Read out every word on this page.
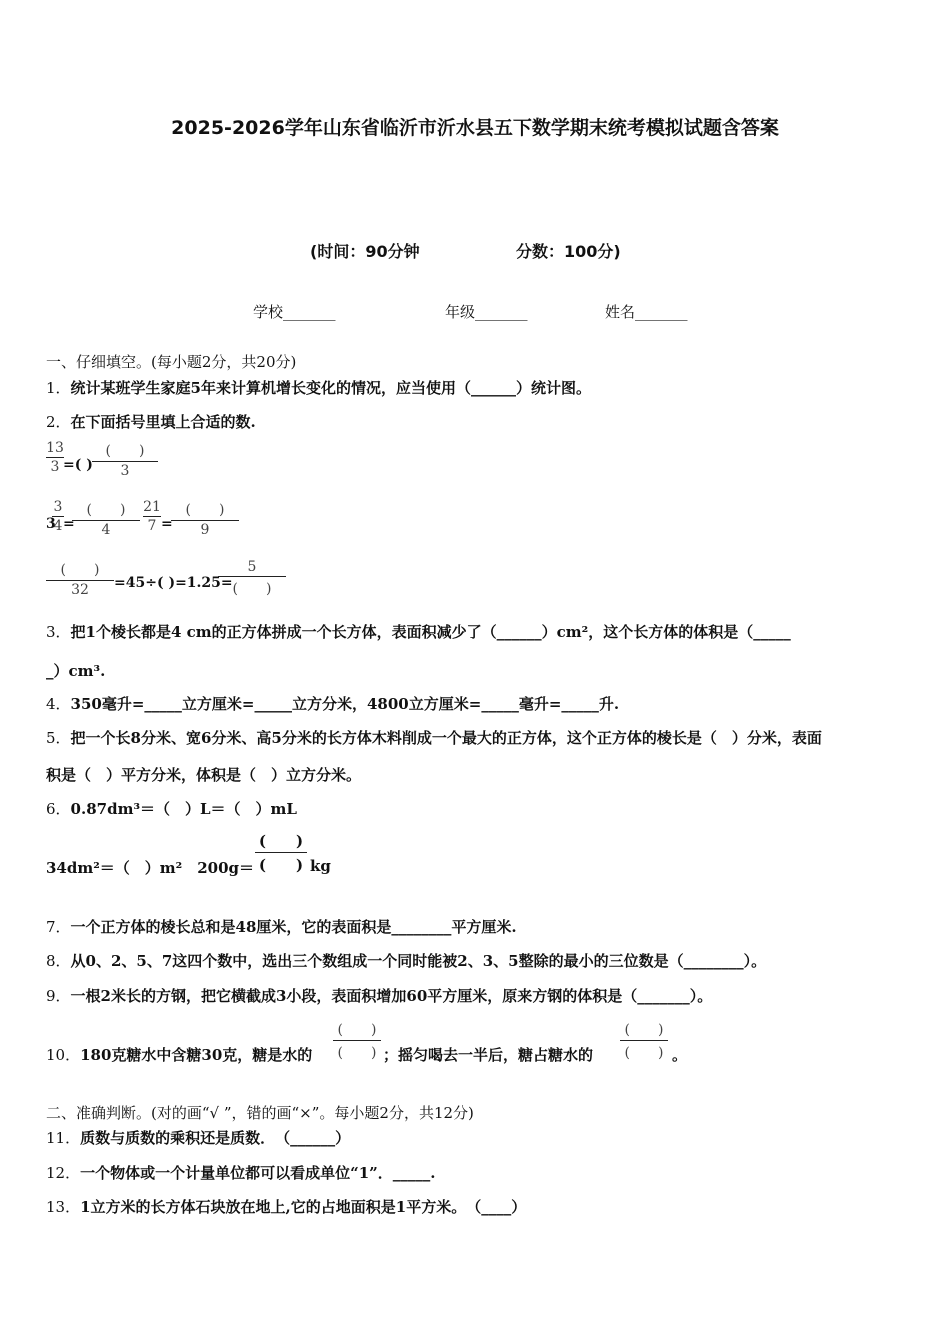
2025-2026学年山东省临沂市沂水县五下数学期末统考模拟试题含答案
(时间：90分钟	分数：100分)
学校_______	年级_______	姓名_______
一、仔细填空。(每小题2分，共20分)
1．统计某班学生家庭5年来计算机增长变化的情况，应当使用（______）统计图。
2．在下面括号里填上合适的数.
13
3 =( )
(　　)
3
3
3
4 =
(　　)
4
21
7 =
(　　)
9
(　　)
32	=45÷( )=1.25=
5
(　　)
3．把1个棱长都是4 cm的正方体拼成一个长方体，表面积减少了（______）cm²，这个长方体的体积是（_____
_）cm³.
4．350毫升=_____立方厘米=_____立方分米，4800立方厘米=_____毫升=_____升.
5．把一个长8分米、宽6分米、高5分米的长方体木料削成一个最大的正方体，这个正方体的棱长是（　）分米，表面
积是（　）平方分米，体积是（　）立方分米。
6．0.87dm³＝（　）L＝（　）mL
34dm²＝（　）m²　200g＝
(　　)
(　　) kg
7．一个正方体的棱长总和是48厘米，它的表面积是________平方厘米.
8．从0、2、5、7这四个数中，选出三个数组成一个同时能被2、3、5整除的最小的三位数是（________）。
9．一根2米长的方钢，把它横截成3小段，表面积增加60平方厘米，原来方钢的体积是（_______）。
10．180克糖水中含糖30克，糖是水的
(　　)
(　　) ；摇匀喝去一半后，糖占糖水的
(　　)
(　　) 。
二、准确判断。(对的画“√ ”，错的画“×”。每小题2分，共12分)
11．质数与质数的乘积还是质数．　（______）
12．一个物体或一个计量单位都可以看成单位“1”．_____.
13．1立方米的长方体石块放在地上,它的占地面积是1平方米。　（____）
